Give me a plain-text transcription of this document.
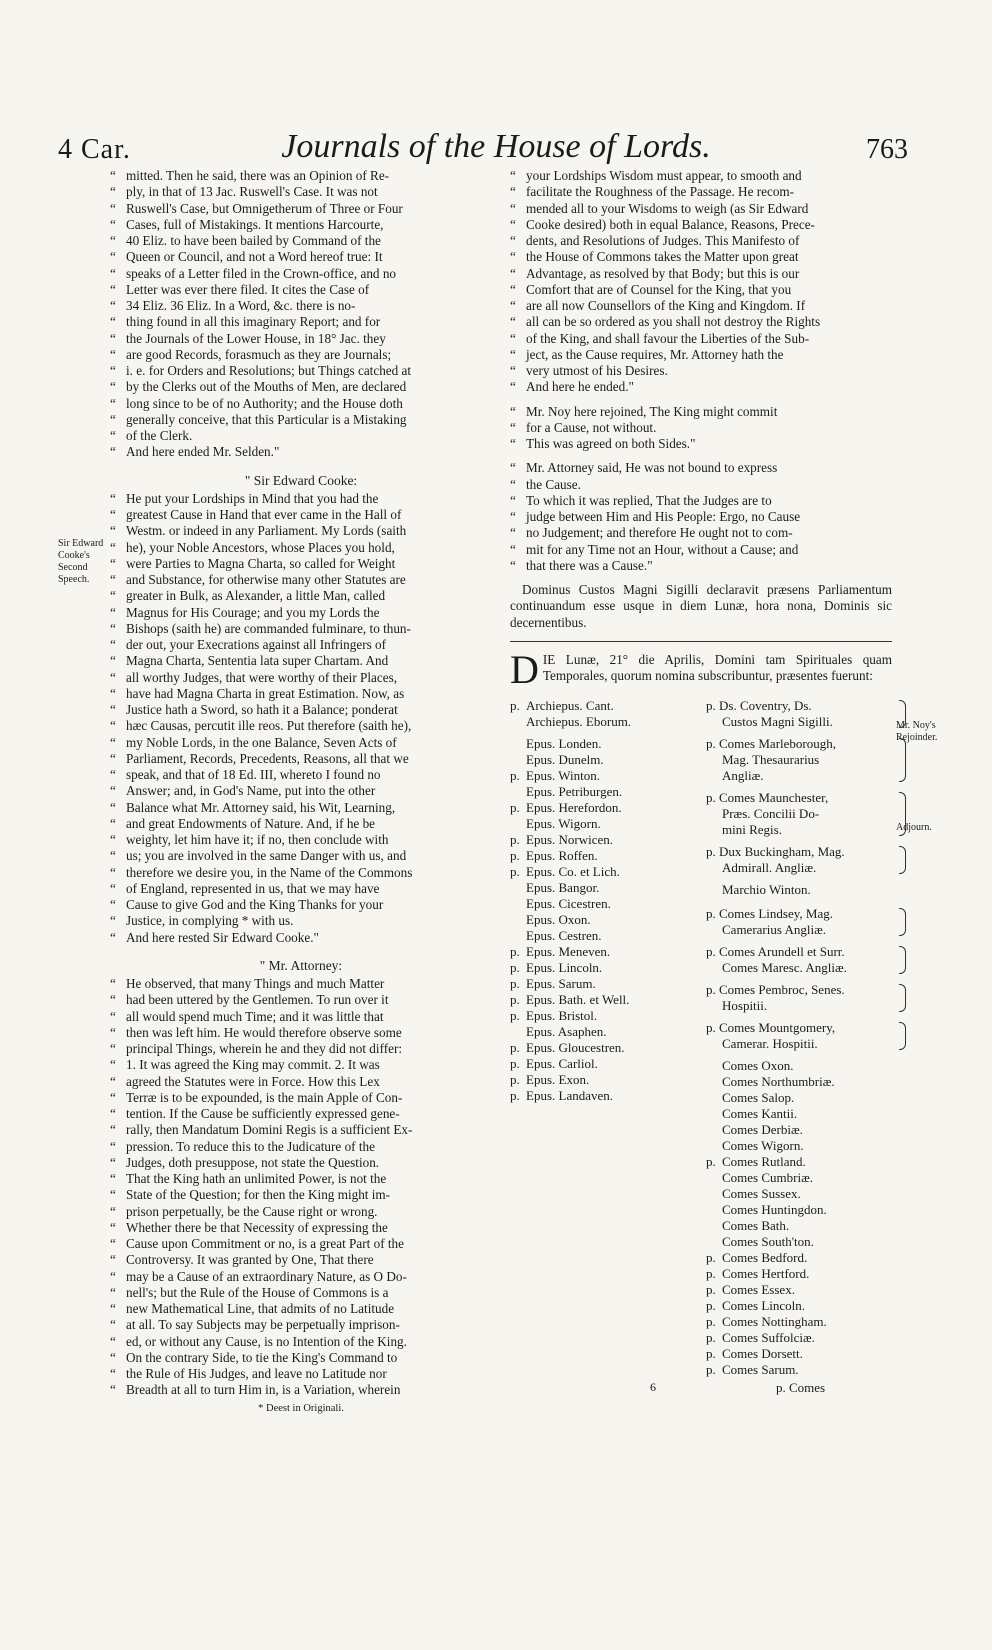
4 Car.	Journals of the House of Lords.	763
Sir Edward Cooke's Second Speech.
Mr. Noy's Rejoinder.
Adjourn.
“ mitted. Then he said, there was an Opinion of Re-
“ ply, in that of 13 Jac. Ruswell's Case. It was not
“ Ruswell's Case, but Omnigetherum of Three or Four
“ Cases, full of Mistakings. It mentions Harcourte,
“ 40 Eliz. to have been bailed by Command of the
“ Queen or Council, and not a Word hereof true: It
“ speaks of a Letter filed in the Crown-office, and no
“ Letter was ever there filed. It cites the Case of
“ 34 Eliz. 36 Eliz. In a Word, &c. there is no-
“ thing found in all this imaginary Report; and for
“ the Journals of the Lower House, in 18° Jac. they
“ are good Records, forasmuch as they are Journals;
“ i. e. for Orders and Resolutions; but Things catched at
“ by the Clerks out of the Mouths of Men, are declared
“ long since to be of no Authority; and the House doth
“ generally conceive, that this Particular is a Mistaking
“ of the Clerk.
“ And here ended Mr. Selden."
" Sir Edward Cooke:
“ He put your Lordships in Mind that you had the
“ greatest Cause in Hand that ever came in the Hall of
“ Westm. or indeed in any Parliament. My Lords (saith
“ he), your Noble Ancestors, whose Places you hold,
“ were Parties to Magna Charta, so called for Weight
“ and Substance, for otherwise many other Statutes are
“ greater in Bulk, as Alexander, a little Man, called
“ Magnus for His Courage; and you my Lords the
“ Bishops (saith he) are commanded fulminare, to thun-
“ der out, your Execrations against all Infringers of
“ Magna Charta, Sententia lata super Chartam. And
“ all worthy Judges, that were worthy of their Places,
“ have had Magna Charta in great Estimation. Now, as
“ Justice hath a Sword, so hath it a Balance; ponderat
“ hæc Causas, percutit ille reos. Put therefore (saith he),
“ my Noble Lords, in the one Balance, Seven Acts of
“ Parliament, Records, Precedents, Reasons, all that we
“ speak, and that of 18 Ed. III, whereto I found no
“ Answer; and, in God's Name, put into the other
“ Balance what Mr. Attorney said, his Wit, Learning,
“ and great Endowments of Nature. And, if he be
“ weighty, let him have it; if no, then conclude with
“ us; you are involved in the same Danger with us, and
“ therefore we desire you, in the Name of the Commons
“ of England, represented in us, that we may have
“ Cause to give God and the King Thanks for your
“ Justice, in complying * with us.
“ And here rested Sir Edward Cooke."
" Mr. Attorney:
“ He observed, that many Things and much Matter
“ had been uttered by the Gentlemen. To run over it
“ all would spend much Time; and it was little that
“ then was left him. He would therefore observe some
“ principal Things, wherein he and they did not differ:
“ 1. It was agreed the King may commit. 2. It was
“ agreed the Statutes were in Force. How this Lex
“ Terræ is to be expounded, is the main Apple of Con-
“ tention. If the Cause be sufficiently expressed gene-
“ rally, then Mandatum Domini Regis is a sufficient Ex-
“ pression. To reduce this to the Judicature of the
“ Judges, doth presuppose, not state the Question.
“ That the King hath an unlimited Power, is not the
“ State of the Question; for then the King might im-
“ prison perpetually, be the Cause right or wrong.
“ Whether there be that Necessity of expressing the
“ Cause upon Commitment or no, is a great Part of the
“ Controversy. It was granted by One, That there
“ may be a Cause of an extraordinary Nature, as O Do-
“ nell's; but the Rule of the House of Commons is a
“ new Mathematical Line, that admits of no Latitude
“ at all. To say Subjects may be perpetually imprison-
“ ed, or without any Cause, is no Intention of the King.
“ On the contrary Side, to tie the King's Command to
“ the Rule of His Judges, and leave no Latitude nor
“ Breadth at all to turn Him in, is a Variation, wherein
* Deest in Originali.
“ your Lordships Wisdom must appear, to smooth and
“ facilitate the Roughness of the Passage. He recom-
“ mended all to your Wisdoms to weigh (as Sir Edward
“ Cooke desired) both in equal Balance, Reasons, Prece-
“ dents, and Resolutions of Judges. This Manifesto of
“ the House of Commons takes the Matter upon great
“ Advantage, as resolved by that Body; but this is our
“ Comfort that are of Counsel for the King, that you
“ are all now Counsellors of the King and Kingdom. If
“ all can be so ordered as you shall not destroy the Rights
“ of the King, and shall favour the Liberties of the Sub-
“ ject, as the Cause requires, Mr. Attorney hath the
“ very utmost of his Desires.
“ And here he ended."
“ Mr. Noy here rejoined, The King might commit
“ for a Cause, not without.
“ This was agreed on both Sides."
“ Mr. Attorney said, He was not bound to express
“ the Cause.
“ To which it was replied, That the Judges are to
“ judge between Him and His People: Ergo, no Cause
“ no Judgement; and therefore He ought not to com-
“ mit for any Time not an Hour, without a Cause; and
“ that there was a Cause."
Dominus Custos Magni Sigilli declaravit præsens Parliamentum continuandum esse usque in diem Lunæ, hora nona, Dominis sic decernentibus.
D IE Lunæ, 21° die Aprilis, Domini tam Spirituales quam Temporales, quorum nomina subscribuntur, præsentes fuerunt:
p. Archiepus. Cant.
Archiepus. Eborum.

Epus. Londen.
Epus. Dunelm.
p. Epus. Winton.
Epus. Petriburgen.
p. Epus. Herefordon.
Epus. Wigorn.
p. Epus. Norwicen.
p. Epus. Roffen.
p. Epus. Co. et Lich.
Epus. Bangor.
Epus. Cicestren.
Epus. Oxon.
Epus. Cestren.
p. Epus. Meneven.
p. Epus. Lincoln.
p. Epus. Sarum.
p. Epus. Bath. et Well.
p. Epus. Bristol.
Epus. Asaphen.
p. Epus. Gloucestren.
p. Epus. Carliol.
p. Epus. Exon.
p. Epus. Landaven.
p. Ds. Coventry, Ds.
Custos Magni Sigilli.
p. Comes Marleborough,
Mag. Thesaurarius
Angliæ.
p. Comes Maunchester,
Præs. Concilii Do-
mini Regis.
p. Dux Buckingham, Mag.
Admirall. Angliæ.
Marchio Winton.
p. Comes Lindsey, Mag.
Camerarius Angliæ.
p. Comes Arundell et Surr.
Comes Maresc. Angliæ.
p. Comes Pembroc, Senes.
Hospitii.
p. Comes Mountgomery,
Camerar. Hospitii.
Comes Oxon.
Comes Northumbriæ.
Comes Salop.
Comes Kantii.
Comes Derbiæ.
Comes Wigorn.
p. Comes Rutland.
Comes Cumbriæ.
Comes Sussex.
Comes Huntingdon.
Comes Bath.
Comes South'ton.
p. Comes Bedford.
p. Comes Hertford.
p. Comes Essex.
p. Comes Lincoln.
p. Comes Nottingham.
p. Comes Suffolciæ.
p. Comes Dorsett.
p. Comes Sarum.
6	p. Comes
